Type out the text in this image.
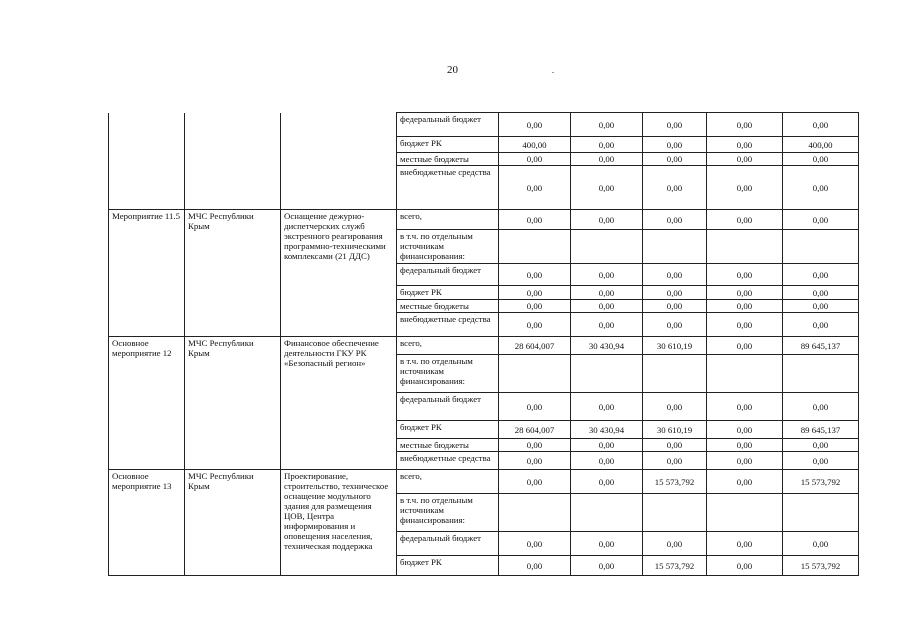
20
			федеральный бюджет	0,00	0,00	0,00	0,00	0,00
			бюджет РК	400,00	0,00	0,00	0,00	400,00
			местные бюджеты	0,00	0,00	0,00	0,00	0,00
			внебюджетные средства	0,00	0,00	0,00	0,00	0,00
Мероприятие 11.5	МЧС Республики Крым	Оснащение дежурно-диспетчерских служб экстренного реагирования программно-техническими комплексами (21 ДДС)	всего,	0,00	0,00	0,00	0,00	0,00
			в т.ч. по отдельным источникам финансирования:					
			федеральный бюджет	0,00	0,00	0,00	0,00	0,00
			бюджет РК	0,00	0,00	0,00	0,00	0,00
			местные бюджеты	0,00	0,00	0,00	0,00	0,00
			внебюджетные средства	0,00	0,00	0,00	0,00	0,00
Основное мероприятие 12	МЧС Республики Крым	Финансовое обеспечение деятельности ГКУ РК «Безопасный регион»	всего,	28 604,007	30 430,94	30 610,19	0,00	89 645,137
			в т.ч. по отдельным источникам финансирования:					
			федеральный бюджет	0,00	0,00	0,00	0,00	0,00
			бюджет РК	28 604,007	30 430,94	30 610,19	0,00	89 645,137
			местные бюджеты	0,00	0,00	0,00	0,00	0,00
			внебюджетные средства	0,00	0,00	0,00	0,00	0,00
Основное мероприятие 13	МЧС Республики Крым	Проектирование, строительство, техническое оснащение модульного здания для размещения ЦОВ, Центра информирования и оповещения населения, техническая поддержка	всего,	0,00	0,00	15 573,792	0,00	15 573,792
			в т.ч. по отдельным источникам финансирования:					
			федеральный бюджет	0,00	0,00	0,00	0,00	0,00
			бюджет РК	0,00	0,00	15 573,792	0,00	15 573,792
